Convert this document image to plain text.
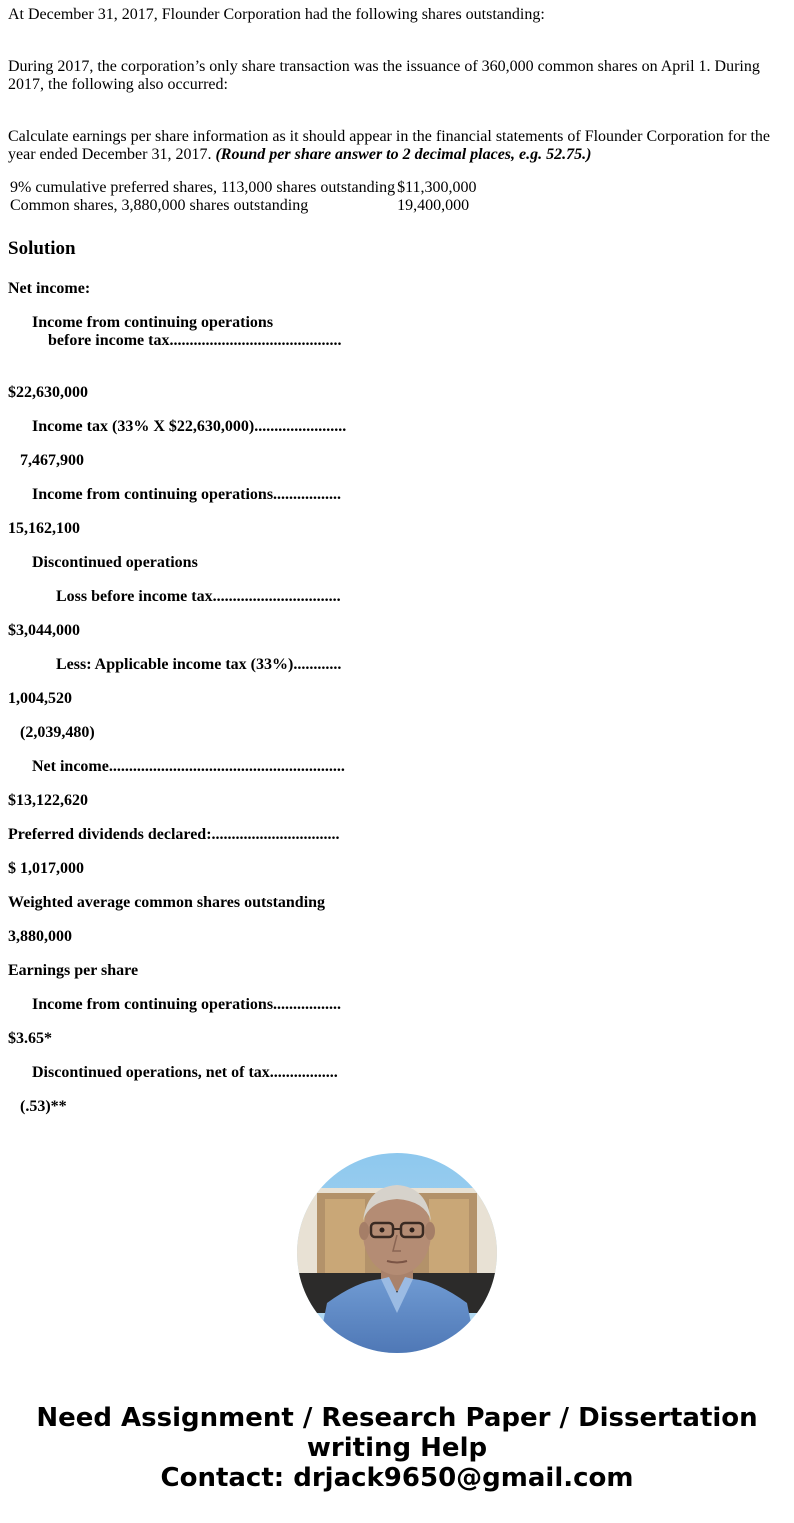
At December 31, 2017, Flounder Corporation had the following shares outstanding:

During 2017, the corporation’s only share transaction was the issuance of 360,000 common shares on April 1. During 2017, the following also occurred:

Calculate earnings per share information as it should appear in the financial statements of Flounder Corporation for the year ended December 31, 2017. (Round per share answer to 2 decimal places, e.g. 52.75.)

9% cumulative preferred shares, 113,000 shares outstanding	$11,300,000
Common shares, 3,880,000 shares outstanding	19,400,000
Solution

Net income:

Income from continuing operations
before income tax...........................................

$22,630,000

Income tax (33% X $22,630,000).......................

7,467,900

Income from continuing operations.................

15,162,100

Discontinued operations

Loss before income tax................................

$3,044,000

Less: Applicable income tax (33%)............

1,004,520

(2,039,480)

Net income...........................................................

$13,122,620

Preferred dividends declared:................................

$ 1,017,000

Weighted average common shares outstanding

3,880,000

Earnings per share

Income from continuing operations.................

$3.65*

Discontinued operations, net of tax.................

(.53)**

Need Assignment / Research Paper / Dissertation
writing Help
Contact: drjack9650@gmail.com
